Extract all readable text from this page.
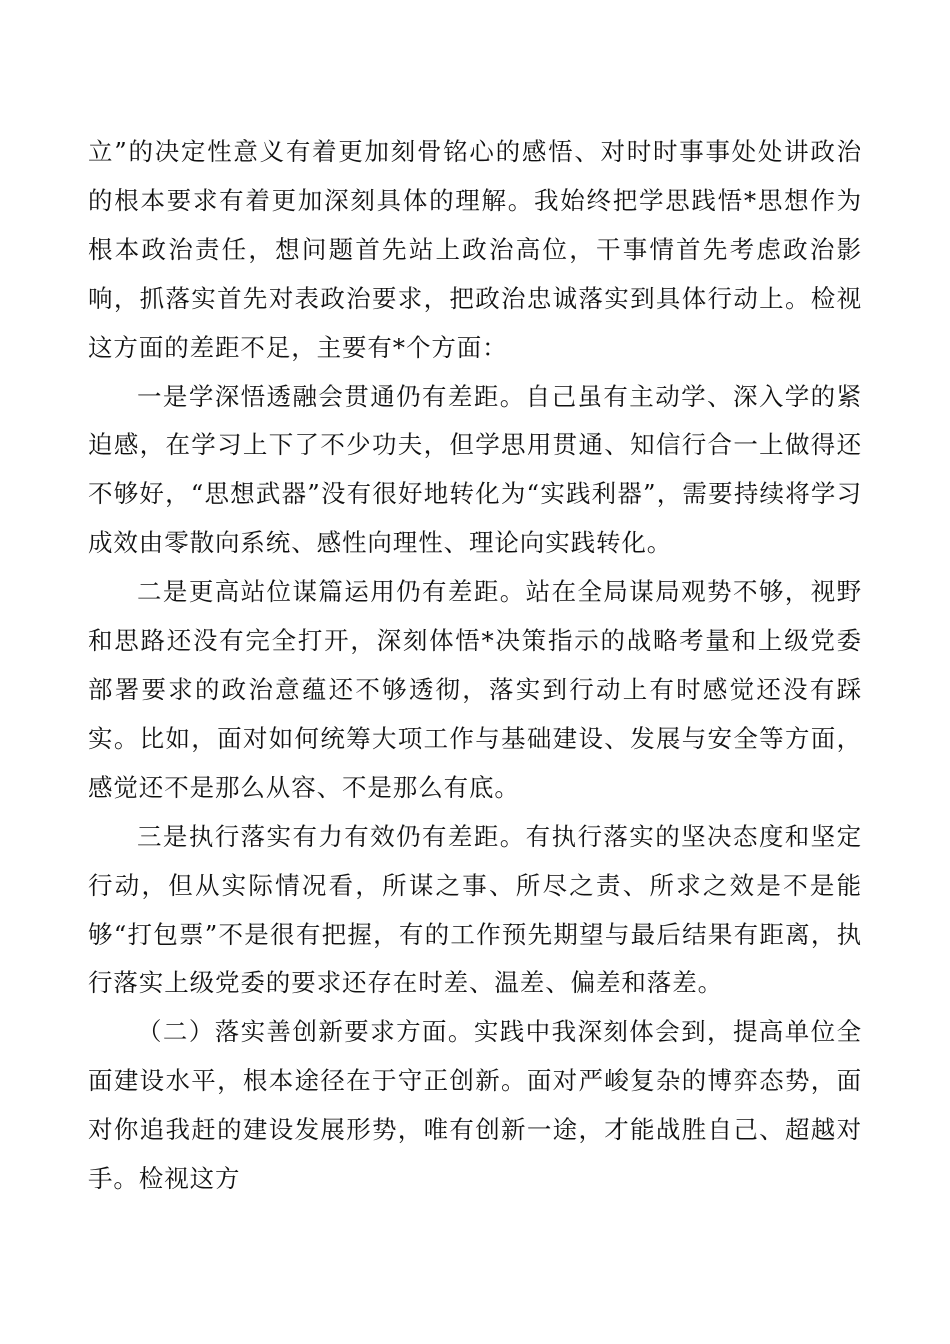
立”的决定性意义有着更加刻骨铭心的感悟、对时时事事处处讲政治的根本要求有着更加深刻具体的理解。我始终把学思践悟*思想作为根本政治责任，想问题首先站上政治高位，干事情首先考虑政治影响，抓落实首先对表政治要求，把政治忠诚落实到具体行动上。检视这方面的差距不足，主要有*个方面：

一是学深悟透融会贯通仍有差距。自己虽有主动学、深入学的紧迫感，在学习上下了不少功夫，但学思用贯通、知信行合一上做得还不够好，“思想武器”没有很好地转化为“实践利器”，需要持续将学习成效由零散向系统、感性向理性、理论向实践转化。

二是更高站位谋篇运用仍有差距。站在全局谋局观势不够，视野和思路还没有完全打开，深刻体悟*决策指示的战略考量和上级党委部署要求的政治意蕴还不够透彻，落实到行动上有时感觉还没有踩实。比如，面对如何统筹大项工作与基础建设、发展与安全等方面，感觉还不是那么从容、不是那么有底。

三是执行落实有力有效仍有差距。有执行落实的坚决态度和坚定行动，但从实际情况看，所谋之事、所尽之责、所求之效是不是能够“打包票”不是很有把握，有的工作预先期望与最后结果有距离，执行落实上级党委的要求还存在时差、温差、偏差和落差。

（二）落实善创新要求方面。实践中我深刻体会到，提高单位全面建设水平，根本途径在于守正创新。面对严峻复杂的博弈态势，面对你追我赶的建设发展形势，唯有创新一途，才能战胜自己、超越对手。检视这方
